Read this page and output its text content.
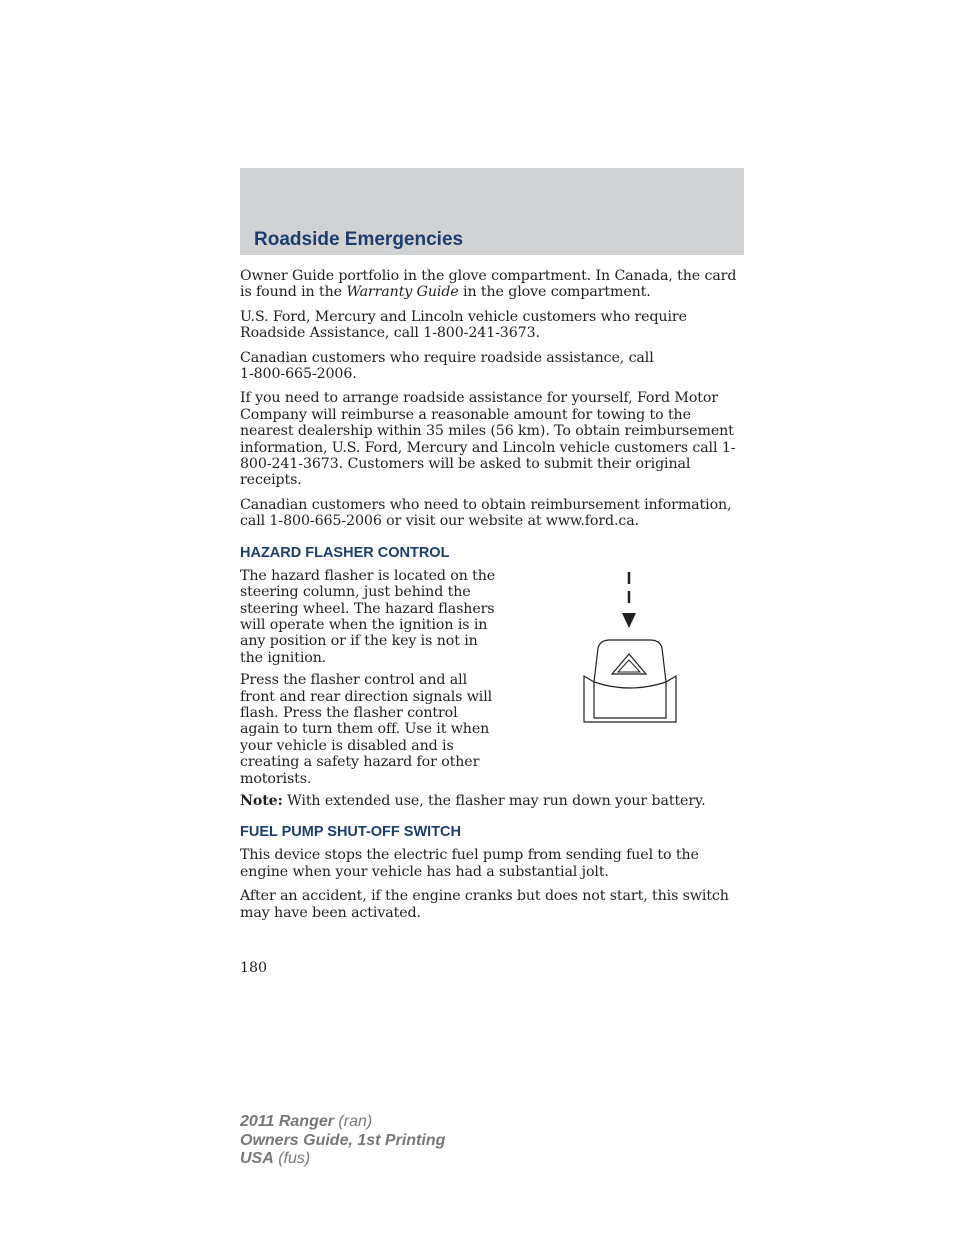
Roadside Emergencies

Owner Guide portfolio in the glove compartment. In Canada, the card is found in the Warranty Guide in the glove compartment.

U.S. Ford, Mercury and Lincoln vehicle customers who require Roadside Assistance, call 1-800-241-3673.

Canadian customers who require roadside assistance, call
1-800-665-2006.

If you need to arrange roadside assistance for yourself, Ford Motor Company will reimburse a reasonable amount for towing to the nearest dealership within 35 miles (56 km). To obtain reimbursement information, U.S. Ford, Mercury and Lincoln vehicle customers call 1-800-241-3673. Customers will be asked to submit their original receipts.

Canadian customers who need to obtain reimbursement information, call 1-800-665-2006 or visit our website at www.ford.ca.

HAZARD FLASHER CONTROL

The hazard flasher is located on the steering column, just behind the steering wheel. The hazard flashers will operate when the ignition is in any position or if the key is not in the ignition.

Press the flasher control and all front and rear direction signals will flash. Press the flasher control again to turn them off. Use it when your vehicle is disabled and is creating a safety hazard for other motorists.

Note: With extended use, the flasher may run down your battery.

FUEL PUMP SHUT-OFF SWITCH

This device stops the electric fuel pump from sending fuel to the engine when your vehicle has had a substantial jolt.

After an accident, if the engine cranks but does not start, this switch may have been activated.

180
2011 Ranger (ran)
Owners Guide, 1st Printing
USA (fus)
